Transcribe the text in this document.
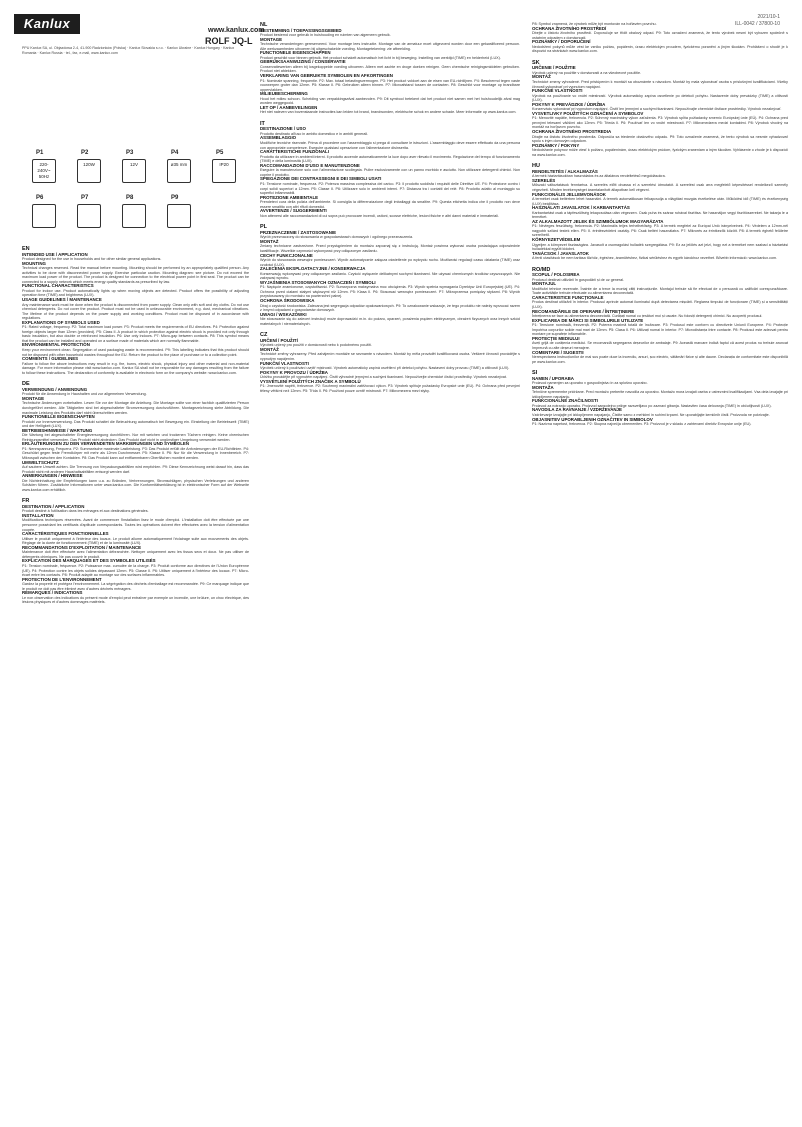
Kanlux	2021/10-1
ILL-0042 / 37800-10
www.kanlux.com
ROLF JQ-L
PPU Kanlux SA, ul. Objazdowa 2-4, 41-900 Radzionków (Polska) · Kanlux Slovakia s.r.o. · Kanlux Ukraine · Kanlux Hungary · Kanlux Romania · Kanlux Russia · tel., fax, e-mail, www.kanlux.com
P1
220-240V~ 50Hz
P2
120W
P3
12V
P4
ø35 mm
P5
IP20
P6	P7	P8	P9
EN
INTENDED USE / APPLICATION

Product designed for the use in households and for other similar general applications.

MOUNTING

Technical changes reserved. Read the manual before mounting. Mounting should be performed by an appropriately qualified person. Any activities to be done with disconnected power supply. Exercise particular caution. Mounting diagram: see picture. Do not exceed the maximum load power of the product. The product is designed for connection to the electrical power point in first seal. The product can be connected to a supply network which meets energy quality standards as prescribed by law.

FUNCTIONAL CHARACTERISTICS

Product for indoor use. Product automatically lights up when moving objects are detected. Product offers the possibility of adjusting operation time (TIME) and brightness (LUX).

USAGE GUIDELINES / MAINTENANCE

Any maintenance work must be done when the product is disconnected from power supply. Clean only with soft and dry cloths. Do not use chemical detergents. Do not cover the product. Product must not be used in unfavourable environment, e.g. dust, mechanical vibrations. The lifetime of the product depends on the power supply and working conditions. Product must be disposed of in accordance with regulations.

EXPLANATIONS OF SYMBOLS USED

P1: Rated voltage, frequency. P2: Total maximum load power. P3: Product meets the requirements of EU directives. P4: Protection against foreign objects larger than 12mm (provided). P5: Class II. A product in which protection against electric shock is provided not only through basic insulation, but also double or reinforced insulation. P6: Use only indoors. P7: Micro-gap between contacts. P8: This symbol means that the product can be installed and operated on a surface made of materials which are normally flammable.

ENVIRONMENTAL PROTECTION

Keep your environment clean. Segregation of used packaging waste is recommended. P9: This labelling indicates that this product should not be disposed with other household wastes throughout the EU. Return the product to the place of purchase or to a collection point.

COMMENTS / GUIDELINES

Failure to follow the above instructions may result in e.g. fire, burns, electric shock, physical injury and other material and non-material damage. For more information please visit www.kanlux.com. Kanlux SA shall not be responsible for any damages resulting from the failure to follow these instructions. The declaration of conformity is available in electronic form on the company's website: www.kanlux.com.

DE
VERWENDUNG / ANWENDUNG

Produkt für die Anwendung in Haushalten und zur allgemeinen Verwendung.

MONTAGE

Technische Änderungen vorbehalten. Lesen Sie vor der Montage die Anleitung. Die Montage sollte von einer fachlich qualifizierten Person durchgeführt werden. Alle Tätigkeiten sind bei abgeschalteter Stromversorgung durchzuführen. Montagezeichnung siehe Abbildung. Die maximale Leistung des Produkts darf nicht überschritten werden.

FUNKTIONELLE EIGENSCHAFTEN

Produkt zur Innenverwendung. Das Produkt schaltet die Beleuchtung automatisch bei Bewegung ein. Einstellung der Betriebszeit (TIME) und der Helligkeit (LUX).

BETRIEBSHINWEISE / WARTUNG

Die Wartung bei abgeschalteter Energieversorgung durchführen. Nur mit weichen und trockenen Tüchern reinigen. Keine chemischen Reinigungsmittel verwenden. Das Produkt nicht abdecken. Das Produkt darf nicht in ungünstiger Umgebung verwendet werden.

ERLÄUTERUNGEN ZU DEN VERWENDETEN MARKIERUNGEN UND SYMBOLEN

P1: Nennspannung, Frequenz. P2: Summarische maximale Lastleistung. P3: Das Produkt erfüllt die Anforderungen der EU-Richtlinien. P4: Geschützt gegen feste Fremdkörper mit mehr als 12mm Durchmesser. P5: Klasse II. P6: Nur für die Verwendung in Innenbereich. P7: Mikrospalt zwischen den Kontakten. P8: Das Produkt kann auf entflammbaren Oberflächen montiert werden.

UMWELTSCHUTZ

Auf saubere Umwelt achten. Die Trennung von Verpackungsabfällen wird empfohlen. P9: Diese Kennzeichnung weist darauf hin, dass das Produkt nicht mit anderen Haushaltsabfällen entsorgt werden darf.

ANMERKUNGEN / HINWEISE

Die Nichteinhaltung der Empfehlungen kann u.a. zu Bränden, Verbrennungen, Stromschlägen, physischen Verletzungen und anderen Schäden führen. Zusätzliche Informationen unter www.kanlux.com. Die Konformitätserklärung ist in elektronischer Form auf der Webseite www.kanlux.com erhältlich.

FR
DESTINATION / APPLICATION

Produit destiné à l'utilisation dans les ménages et aux destinations générales.

INSTALLATION

Modifications techniques réservées. Avant de commencer l'installation lisez le mode d'emploi. L'installation doit être effectuée par une personne possédant les certificats d'aptitude correspondants. Toutes les opérations doivent être effectuées avec la tension d'alimentation coupée.

CARACTÉRISTIQUES FONCTIONNELLES

Utiliser le produit uniquement à l'intérieur des locaux. Le produit allume automatiquement l'éclairage suite aux mouvements des objets. Réglage de la durée de fonctionnement (TIME) et de la luminosité (LUX).

RECOMMANDATIONS D'EXPLOITATION / MAINTENANCE

Maintenance doit être effectuée avec l'alimentation débranchée. Nettoyer uniquement avec les tissus secs et doux. Ne pas utiliser de détergents chimiques. Ne pas couvrir le produit.

EXPLICATION DES MARQUAGES ET DES SYMBOLES UTILISÉS

P1: Tension nominale, fréquence. P2: Puissance max. cumulée de la charge. P3: Produit conforme aux directives de l'Union Européenne (UE). P4: Protection contre les objets solides dépassant 12mm. P5: Classe II. P6: Utiliser uniquement à l'intérieur des locaux. P7: Micro-écart entre les contacts. P8: Produit adapté au montage sur des surfaces inflammables.

PROTECTION DE L'ENVIRONNEMENT

Gardez la propreté et protégez l'environnement. La ségrégation des déchets d'emballage est recommandée. P9: Ce marquage indique que le produit ne doit pas être éliminé avec d'autres déchets ménagers.

REMARQUES / INDICATIONS

Le non observation des indications du présent mode d'emploi peut entraîner par exemple un incendie, une brûlure, un choc électrique, des lésions physiques et d'autres dommages matériels.

NL
BESTEMMING / TOEPASSINGSGEBIED

Product bestemd voor gebruik in huishouding en ruimten van algemeen gebruik.

MONTAGE

Technische veranderingen gereserveerd. Voor montage lees instructie. Montage van de armatuur moet uitgevoerd worden door een gekwalificeerd persoon. Alle werkzaamheden uitvoeren bij uitgeschakelde voeding. Montagetekening: zie afbeelding.

FUNCTIONELE EIGENSCHAPPEN

Product geschikt voor binnen gebruik. Het product schakelt automatisch het licht in bij beweging. Instelling van werktijd (TIME) en helderheid (LUX).

GEBRUIKSAANWIJZING / CONSERVATIE

Conservatiewerken alleen bij losgekoppelde voeding uitvoeren. Alleen met zachte en droge doeken reinigen. Geen chemische reinigingsmiddelen gebruiken. Product niet afdekken.

VERKLARING VAN GEBRUIKTE SYMBOLEN EN AFKORTINGEN

P1: Nominale spanning, frequentie. P2: Max. totaal belastingsvermogen. P3: Het product voldoet aan de eisen van EU-richtlijnen. P4: Beschermd tegen vaste voorwerpen groter dan 12mm. P5: Klasse II. P6: Gebruiken alleen binnen. P7: Microafstand tussen de contacten. P8: Geschikt voor montage op brandbare oppervlakken.

MILIEUBESCHERMING

Houd het milieu schoon. Scheiding van verpakkingsafval aanbevolen. P9: Dit symbool betekent dat het product niet samen met het huishoudelijk afval mag worden weggegooid.

LET OP / AANBEVELINGEN

Het niet naleven van bovenstaande instructies kan leiden tot brand, brandwonden, elektrische schok en andere schade. Meer informatie op www.kanlux.com.

IT
DESTINAZIONE / USO

Prodotto destinato all'uso in ambito domestico e in ambiti generali.

ASSEMBLAGGIO

Modifiche tecniche riservate. Prima di procedere con l'assemblaggio si prega di consultare le istruzioni. L'assemblaggio deve essere effettuato da una persona con appropriate competenze. Eseguire qualsiasi operazione con l'alimentazione disinserita.

CARATTERISTICHE FUNZIONALI

Prodotto da utilizzare in ambienti interni. Il prodotto accende automaticamente la luce dopo aver rilevato il movimento. Regolazione del tempo di funzionamento (TIME) e della luminosità (LUX).

RACCOMANDAZIONI D'USO E MANUTENZIONE

Eseguire la manutenzione solo con l'alimentazione scollegata. Pulire esclusivamente con un panno morbido e asciutto. Non utilizzare detergenti chimici. Non coprire il prodotto.

SPIEGAZIONE DEI CONTRASSEGNI E DEI SIMBOLI USATI

P1: Tensione nominale, frequenza. P2: Potenza massima complessiva del carico. P3: Il prodotto soddisfa i requisiti delle Direttive UE. P4: Protezione contro i corpi solidi superiori a 12mm. P5: Classe II. P6: Utilizzare solo in ambienti interni. P7: Distanza tra i contatti del relè. P8: Prodotto adatto al montaggio su superfici infiammabili.

PROTEZIONE AMBIENTALE

Prendetevi cura della pulizia dell'ambiente. Si consiglia la differenziazione degli imballaggi da smaltire. P9: Questa etichetta indica che il prodotto non deve essere smaltito con altri rifiuti domestici.

AVVERTENZE / SUGGERIMENTI

Non attenersi alle raccomandazioni di cui sopra può provocare incendi, ustioni, scosse elettriche, lesioni fisiche e altri danni materiali e immateriali.

PL
PRZEZNACZENIE / ZASTOSOWANIE

Wyrób przeznaczony do stosowania w gospodarstwach domowych i ogólnego przeznaczenia.

MONTAŻ

Zmiany techniczne zastrzeżone. Przed przystąpieniem do montażu zapoznaj się z instrukcją. Montaż powinna wykonać osoba posiadająca odpowiednie kwalifikacje. Wszelkie czynności wykonywać przy odłączonym zasilaniu.

CECHY FUNKCJONALNE

Wyrób do stosowania wewnątrz pomieszczeń. Wyrób automatycznie załącza oświetlenie po wykryciu ruchu. Możliwość regulacji czasu działania (TIME) oraz czułości (LUX).

ZALECENIA EKSPLOATACYJNE / KONSERWACJA

Konserwację wykonywać przy odłączonym zasilaniu. Czyścić wyłącznie delikatnymi suchymi tkaninami. Nie używać chemicznych środków czyszczących. Nie zakrywać wyrobu.

WYJAŚNIENIA STOSOWANYCH OZNACZEŃ I SYMBOLI

P1: Napięcie znamionowe, częstotliwość. P2: Sumaryczna maksymalna moc obciążenia. P3: Wyrób spełnia wymagania Dyrektyw Unii Europejskiej (UE). P4: Ochrona przed ciałami stałymi większymi niż 12mm. P5: Klasa II. P6: Stosować wewnątrz pomieszczeń. P7: Mikroprzerwa pomiędzy stykami. P8: Wyrób przystosowany do montażu na powierzchni palnej.

OCHRONA ŚRODOWISKA

Dbaj o czystość środowiska. Zalecana jest segregacja odpadów opakowaniowych. P9: To oznakowanie wskazuje, że tego produktu nie należy wyrzucać razem z innymi odpadami z gospodarstw domowych.

UWAGI / WSKAZÓWKI

Nie stosowanie się do zaleceń instrukcji może doprowadzić m.in. do pożaru, oparzeń, porażenia prądem elektrycznym, obrażeń fizycznych oraz innych szkód materialnych i niematerialnych.

CZ
URČENÍ / POUŽITÍ

Výrobek určený pro použití v domácnosti nebo k podobnému použití.

MONTÁŽ

Technické změny vyhrazeny. Před zahájením montáže se seznamte s návodem. Montáž by měla provádět kvalifikovaná osoba. Veškeré činnosti provádějte s vypnutým napájením.

FUNKČNÍ VLASTNOSTI

Výrobek určený k používání uvnitř místností. Výrobek automaticky zapíná osvětlení při detekci pohybu. Nastavení doby provozu (TIME) a citlivosti (LUX).

POKYNY K PROVOZU / ÚDRŽBA

Údržbu provádějte při vypnutém napájení. Čistit výhradně jemnými a suchými tkaninami. Nepoužívejte chemické čisticí prostředky. Výrobek nezakrývat.

VYSVĚTLENÍ POUŽITÝCH ZNAČEK A SYMBOLŮ

P1: Jmenovité napětí, frekvence. P2: Souhrnný maximální zatěžovací výkon. P3: Výrobek splňuje požadavky Evropské unie (EU). P4: Ochrana před pevnými tělesy většími než 12mm. P5: Třída II. P6: Používat pouze uvnitř místností. P7: Mikromezera mezi styky.

P8: Symbol znamená, že výrobek může být montován na hořlavém povrchu.

OCHRANA ŽIVOTNÍHO PROSTŘEDÍ

Dbejte o čistotu životního prostředí. Doporučuje se třídit obalový odpad. P9: Toto označení znamená, že tento výrobek nesmí být vyhozen společně s ostatním odpadem z domácnosti.

POZNÁMKY / DOPORUČENÍ

Nedodržení pokynů může vést ke vzniku požáru, popálenin, úrazu elektrickým proudem, fyzickému poranění a jiným škodám. Prohlášení o shodě je k dispozici na stránkách www.kanlux.com.

SK
URČENIE / POUŽITIE

Výrobok určený na použitie v domácnosti a na všeobecné použitie.

MONTÁŽ

Technické zmeny vyhradené. Pred pristúpením k montáži sa oboznámte s návodom. Montáž by mala vykonávať osoba s príslušnými kvalifikáciami. Všetky činnosti vykonávať pri vypnutom napájaní.

FUNKČNÉ VLASTNOSTI

Výrobok na používanie vo vnútri miestností. Výrobok automaticky zapína osvetlenie po detekcii pohybu. Nastavenie doby prevádzky (TIME) a citlivosti (LUX).

POKYNY K PREVÁDZKE / ÚDRŽBA

Konzerváciu vykonávať pri vypnutom napájaní. Čistiť len jemnými a suchými tkaninami. Nepoužívajte chemické čistiace prostriedky. Výrobok nezakrývať.

VYSVETLIVKY POUŽITÝCH OZNAČENÍ A SYMBOLOV

P1: Menovité napätie, frekvencia. P2: Súhrnný maximálny výkon zaťaženia. P3: Výrobok spĺňa požiadavky smerníc Európskej únie (EÚ). P4: Ochrana pred pevnými telesami väčšími ako 12mm. P5: Trieda II. P6: Používať len vo vnútri miestností. P7: Mikromedzera medzi kontaktmi. P8: Výrobok vhodný na montáž na horľavom povrchu.

OCHRANA ŽIVOTNÉHO PROSTREDIA

Dbajte na čistotu životného prostredia. Odporúča sa triedenie obalového odpadu. P9: Toto označenie znamená, že tento výrobok sa nesmie vyhadzovať spolu s iným domovým odpadom.

POZNÁMKY / POKYNY

Nedodržanie pokynov môže viesť k požiaru, popáleninám, úrazu elektrickým prúdom, fyzickým zraneniam a iným škodám. Vyhlásenie o zhode je k dispozícii na www.kanlux.com.

HU
RENDELTETÉS / ALKALMAZÁS

A termék háztartásokban használatos és az általános rendeltetésű megoldásokra.

SZERELÉS

Műszaki változtatások fenntartva. A szerelés előtt olvassa el a szerelési útmutatót. A szerelést csak arra megfelelő képesítéssel rendelkező személy végezheti. Minden tevékenységet áramtalanított állapotban kell végezni.

FUNKCIONÁLIS JELLEMVONÁSOK

A terméket csak beltérben lehet használni. A termék automatikusan felkapcsolja a világítást mozgás érzékelése után. Működési idő (TIME) és érzékenység (LUX) beállítása.

HASZNÁLATI JAVASLATOK / KARBANTARTÁS

Karbantartást csak a tápfeszültség lekapcsolása után végezzen. Csak puha és száraz ruhával tisztítsa. Ne használjon vegyi tisztítószereket. Ne takarja le a terméket.

AZ ALKALMAZOTT JELEK ÉS SZIMBÓLUMOK MAGYARÁZATA

P1: Névleges feszültség, frekvencia. P2: Maximális teljes terhelhetőség. P3: A termék megfelel az Európai Unió irányelveinek. P4: Védelem a 12mm-nél nagyobb szilárd testek ellen. P5: II. érintésvédelmi osztály. P6: Csak beltéri használatra. P7: Mikrorés az érintkezők között. P8: A termék éghető felületre szerelhető.

KÖRNYEZETVÉDELEM

Ügyeljen a környezet tisztaságára. Javasolt a csomagolási hulladék szegregálása. P9: Ez az jelölés azt jelzi, hogy ezt a terméket nem szabad a háztartási hulladékkal együtt kidobni.

TANÁCSOK / JAVASLATOK

A fenti utasítások be nem tartása tűzhöz, égéshez, áramütéshez, fizikai sérüléshez és egyéb károkhoz vezethet. Bővebb információ: www.kanlux.com.

RO/MD
SCOPUL / FOLOSIREA

Produsul destinat utilizării în gospodării și de uz general.

MONTAJUL

Modificări tehnice rezervate. Înainte de a trece la montaj citiți instrucțiunile. Montajul trebuie să fie efectuat de o persoană cu calificări corespunzătoare. Toate activitățile trebuie efectuate cu alimentarea deconectată.

CARACTERISTICE FUNCȚIONALE

Produs destinat utilizării în interior. Produsul aprinde automat iluminatul după detectarea mișcării. Reglarea timpului de funcționare (TIME) și a sensibilității (LUX).

RECOMANDĂRILE DE OPERARE / ÎNTREȚINERE

Întreținerea se face cu alimentarea deconectată. Curățați numai cu țesături moi și uscate. Nu folosiți detergenți chimici. Nu acoperiți produsul.

EXPLICAREA DE MĂRCI SI SIMBOLURILE UTILIZATE

P1: Tensiune nominală, frecvență. P2: Puterea maximă totală de încărcare. P3: Produsul este conform cu directivele Uniunii Europene. P4: Protecție împotriva corpurilor solide mai mari de 12mm. P5: Clasa II. P6: Utilizați numai în interior. P7: Microdistanța între contacte. P8: Produsul este adecvat pentru montare pe suprafețe inflamabile.

PROTECȚIE MEDIULUI

Aveți grijă de curățenia mediului. Se recomandă segregarea deșeurilor de ambalaje. P9: Această marcare indică faptul că acest produs nu trebuie aruncat împreună cu alte deșeuri menajere.

COMENTARII / SUGESTII

Nerespectarea instrucțiunilor de mai sus poate duce la incendiu, arsuri, șoc electric, vătămări fizice și alte daune. Declarația de conformitate este disponibilă pe www.kanlux.com.

SI
NAMEN / UPORABA

Proizvod namenjen za uporabo v gospodinjstvu in za splošno uporabo.

MONTAŽA

Tehnične spremembe pridržane. Pred montažo preberite navodila za uporabo. Montažo mora izvajati oseba z ustreznimi kvalifikacijami. Vsa dela izvajajte pri izklopljenem napajanju.

FUNKCIONALNE ZNAČILNOSTI

Proizvod za notranjo uporabo. Proizvod samodejno prižge razsvetljavo po zaznavi gibanja. Nastavitev časa delovanja (TIME) in občutljivosti (LUX).

NAVODILA ZA RAVNANJE / VZDRŽEVANJE

Vzdrževanje izvajajte pri izklopljenem napajanju. Čistite samo z mehkimi in suhimi krpami. Ne uporabljajte kemičnih čistil. Proizvoda ne pokrivajte.

OBJASNITEV UPORABLJENIH OZNAČITEV IN SIMBOLOV

P1: Nazivna napetost, frekvenca. P2: Skupna največja obremenitev. P3: Proizvod je v skladu z zahtevami direktiv Evropske unije (EU).
